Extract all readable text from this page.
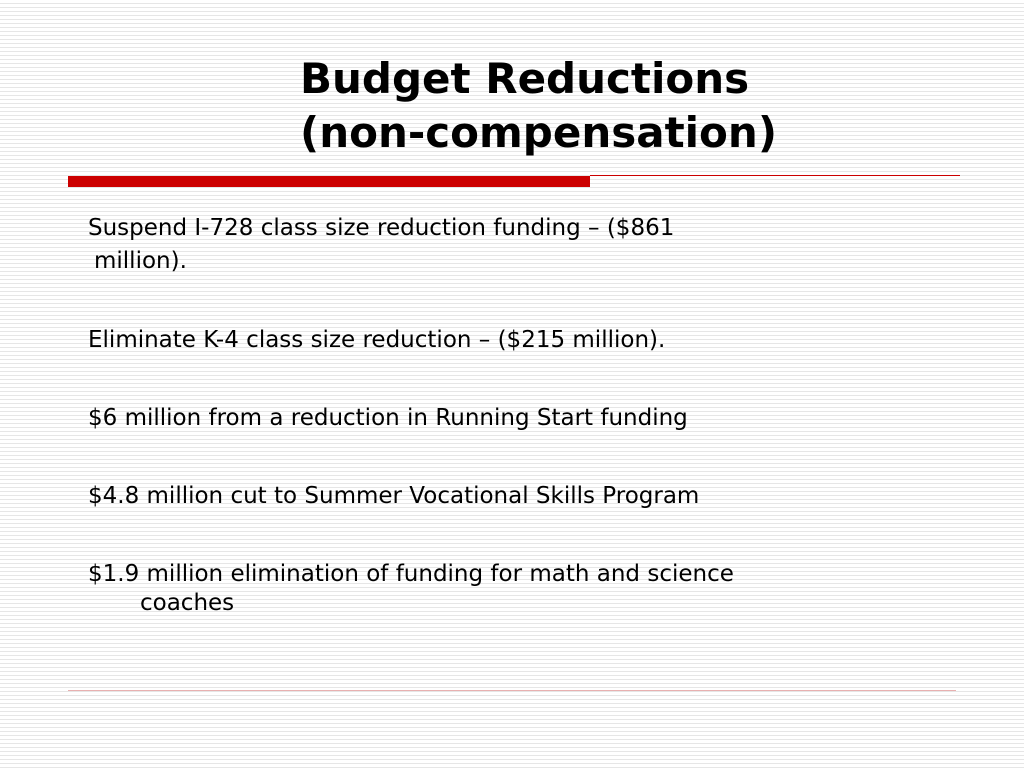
Budget Reductions
(non-compensation)
Suspend I-728 class size reduction funding – ($861
million).
Eliminate K-4 class size reduction – ($215 million).
$6 million from a reduction in Running Start funding
$4.8 million cut to Summer Vocational Skills Program
$1.9 million elimination of funding for math and science
coaches
